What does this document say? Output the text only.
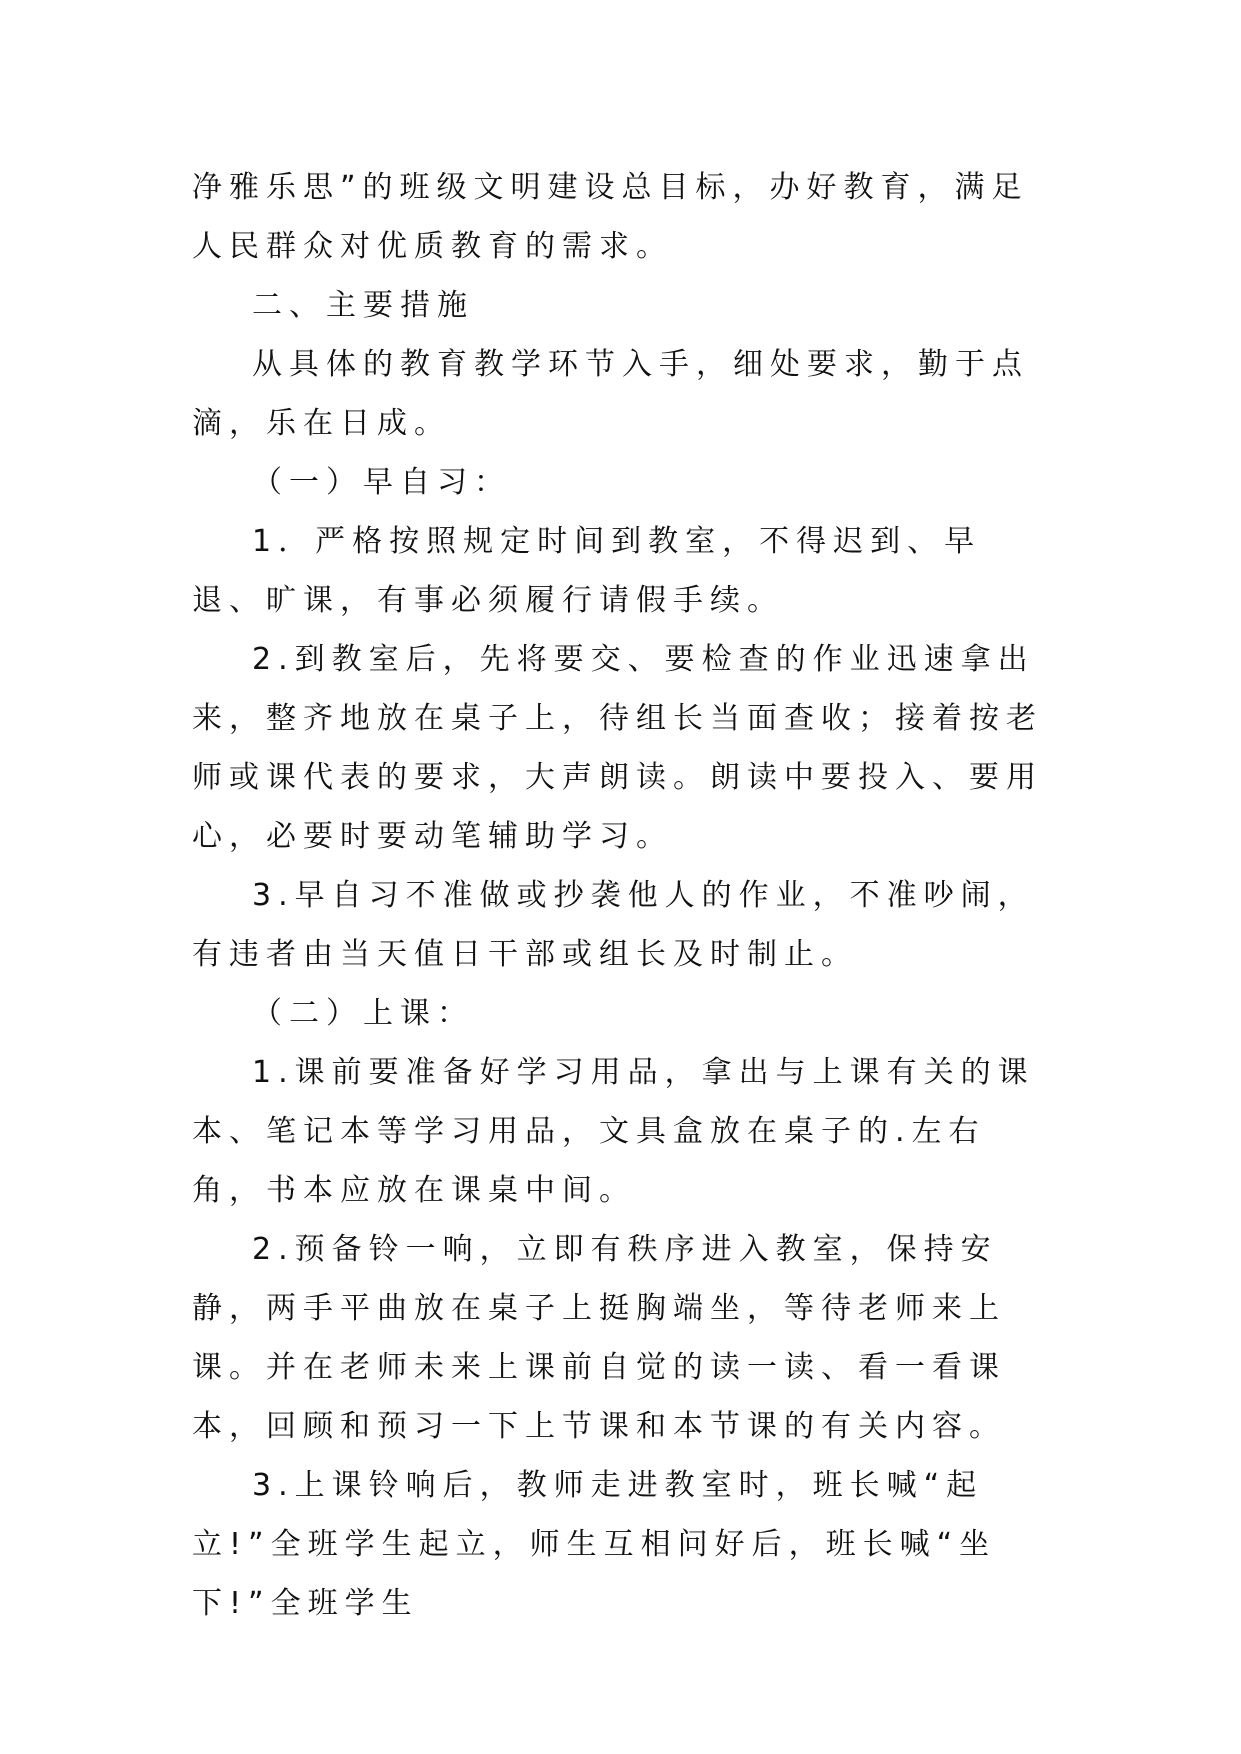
净雅乐思”的班级文明建设总目标，办好教育，满足人民群众对优质教育的需求。

二、主要措施

从具体的教育教学环节入手，细处要求，勤于点滴，乐在日成。

（一）早自习：

1．严格按照规定时间到教室，不得迟到、早退、旷课，有事必须履行请假手续。

2.到教室后，先将要交、要检查的作业迅速拿出来，整齐地放在桌子上，待组长当面查收；接着按老师或课代表的要求，大声朗读。朗读中要投入、要用心，必要时要动笔辅助学习。

3.早自习不准做或抄袭他人的作业，不准吵闹，有违者由当天值日干部或组长及时制止。

（二）上课：

1.课前要准备好学习用品，拿出与上课有关的课本、笔记本等学习用品，文具盒放在桌子的.左右角，书本应放在课桌中间。

2.预备铃一响，立即有秩序进入教室，保持安静，两手平曲放在桌子上挺胸端坐，等待老师来上课。并在老师未来上课前自觉的读一读、看一看课本，回顾和预习一下上节课和本节课的有关内容。

3.上课铃响后，教师走进教室时，班长喊“起立!”全班学生起立，师生互相问好后，班长喊“坐下!”全班学生
